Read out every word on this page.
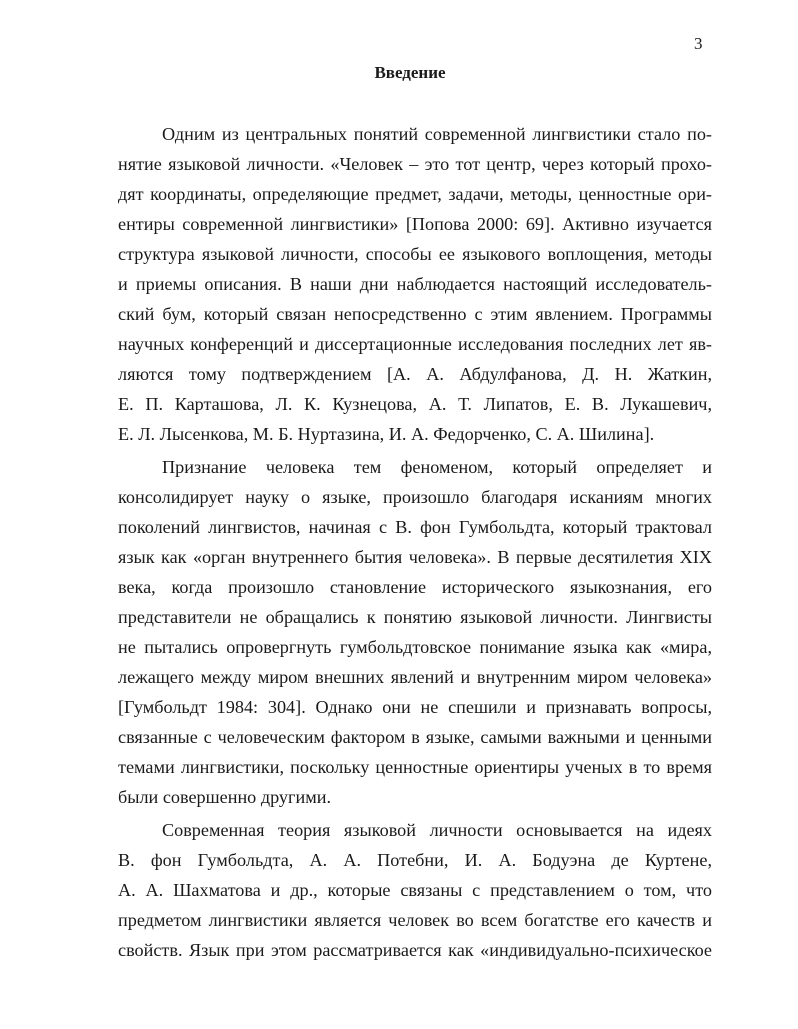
3
Введение
Одним из центральных понятий современной лингвистики стало по-
нятие языковой личности. «Человек – это тот центр, через который прохо-
дят координаты, определяющие предмет, задачи, методы, ценностные ори-
ентиры современной лингвистики» [Попова 2000: 69]. Активно изучается
структура языковой личности, способы ее языкового воплощения, методы
и приемы описания. В наши дни наблюдается настоящий исследователь-
ский бум, который связан непосредственно с этим явлением. Программы
научных конференций и диссертационные исследования последних лет яв-
ляются тому подтверждением [А. А. Абдулфанова, Д. Н. Жаткин,
Е. П. Карташова, Л. К. Кузнецова, А. Т. Липатов, Е. В. Лукашевич,
Е. Л. Лысенкова, М. Б. Нуртазина, И. А. Федорченко, С. А. Шилина].
Признание человека тем феноменом, который определяет и
консолидирует науку о языке, произошло благодаря исканиям многих
поколений лингвистов, начиная с В. фон Гумбольдта, который трактовал
язык как «орган внутреннего бытия человека». В первые десятилетия XIX
века, когда произошло становление исторического языкознания, его
представители не обращались к понятию языковой личности. Лингвисты
не пытались опровергнуть гумбольдтовское понимание языка как «мира,
лежащего между миром внешних явлений и внутренним миром человека»
[Гумбольдт 1984: 304]. Однако они не спешили и признавать вопросы,
связанные с человеческим фактором в языке, самыми важными и ценными
темами лингвистики, поскольку ценностные ориентиры ученых в то время
были совершенно другими.
Современная теория языковой личности основывается на идеях
В. фон Гумбольдта, А. А. Потебни, И. А. Бодуэна де Куртене,
А. А. Шахматова и др., которые связаны с представлением о том, что
предметом лингвистики является человек во всем богатстве его качеств и
свойств. Язык при этом рассматривается как «индивидуально-психическое
